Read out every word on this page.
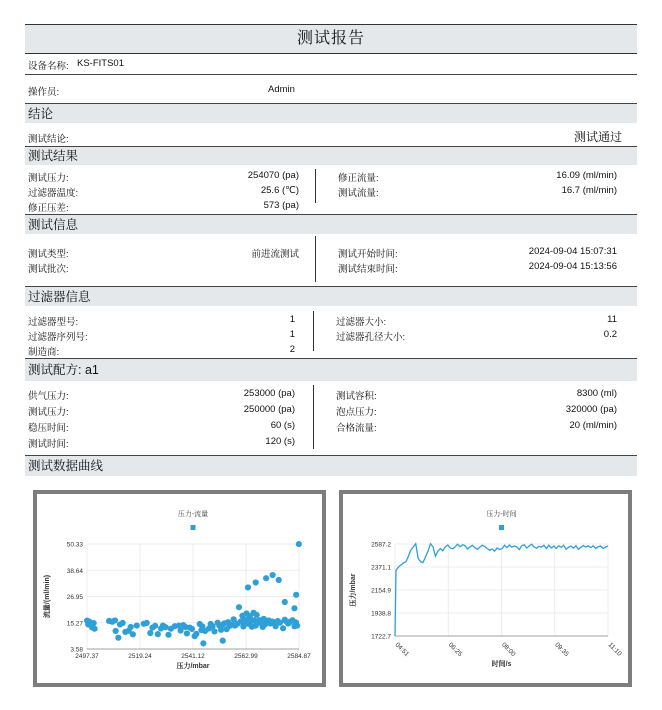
测试报告
设备名称: KS-FITS01
操作员:	Admin
结论
测试结论:	测试通过
测试结果
测试压力:	254070 (pa)
过滤器温度:	25.6 (℃)
修正压差:	573 (pa)
修正流量:	16.09 (ml/min)
测试流量:	16.7 (ml/min)
测试信息
测试类型:	前进流测试
测试批次:
测试开始时间:	2024-09-04 15:07:31
测试结束时间:	2024-09-04 15:13:56
过滤器信息
过滤器型号:	1
过滤器序列号:	1
制造商:	2
过滤器大小:	11
过滤器孔径大小:	0.2
测试配方: a1
供气压力:	253000 (pa)
测试压力:	250000 (pa)
稳压时间:	60 (s)
测试时间:	120 (s)
测试容积:	8300 (ml)
泡点压力:	320000 (pa)
合格流量:	20 (ml/min)
测试数据曲线
压力-流量
3.58
15.27
26.95
38.64
50.33
2497.37	2519.24	2541.12	2562.99	2584.87
压力/mbar
流量/(ml/min)
压力-时间
1722.7
1938.8
2154.9
2371.1
2587.2
04:51	06:25	08:00	09:35	11:10
时间/s
压力/mbar
